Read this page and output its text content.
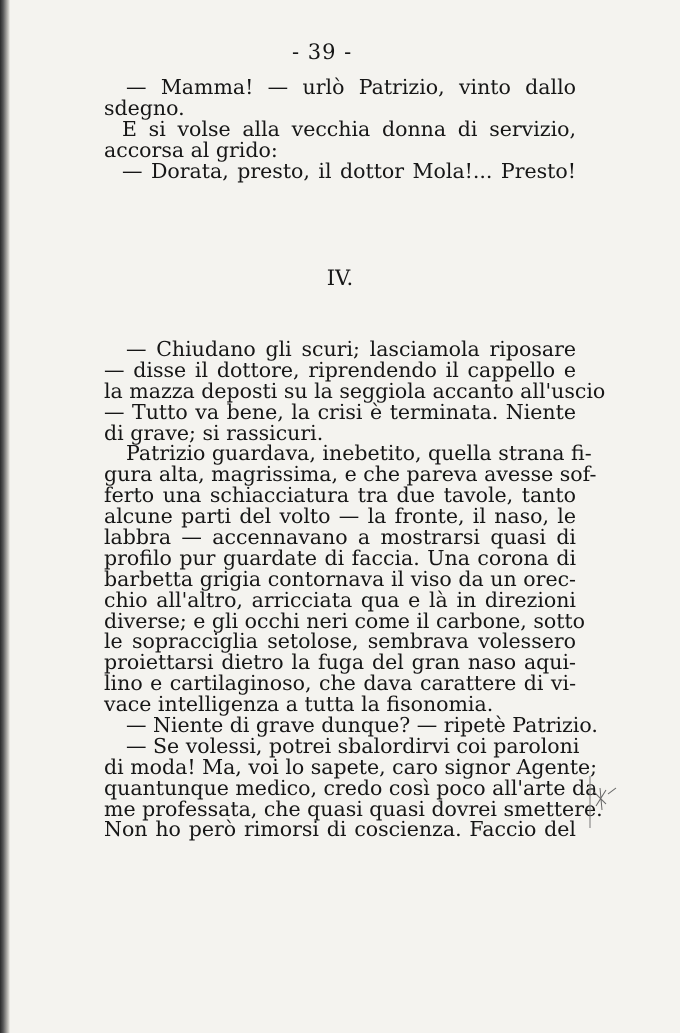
- 39 -
— Mamma! — urlò Patrizio, vinto dallo
sdegno.
E si volse alla vecchia donna di servizio,
accorsa al grido:
— Dorata, presto, il dottor Mola!... Presto!
IV.
— Chiudano gli scuri; lasciamola riposare
— disse il dottore, riprendendo il cappello e
la mazza deposti su la seggiola accanto all'uscio
— Tutto va bene, la crisi è terminata. Niente
di grave; si rassicuri.
Patrizio guardava, inebetito, quella strana fi-
gura alta, magrissima, e che pareva avesse sof-
ferto una schiacciatura tra due tavole, tanto
alcune parti del volto — la fronte, il naso, le
labbra — accennavano a mostrarsi quasi di
profilo pur guardate di faccia. Una corona di
barbetta grigia contornava il viso da un orec-
chio all'altro, arricciata qua e là in direzioni
diverse; e gli occhi neri come il carbone, sotto
le sopracciglia setolose, sembrava volessero
proiettarsi dietro la fuga del gran naso aqui-
lino e cartilaginoso, che dava carattere di vi-
vace intelligenza a tutta la fisonomia.
— Niente di grave dunque? — ripetè Patrizio.
— Se volessi, potrei sbalordirvi coi paroloni
di moda! Ma, voi lo sapete, caro signor Agente;
quantunque medico, credo così poco all'arte da
me professata, che quasi quasi dovrei smettere.
Non ho però rimorsi di coscienza. Faccio del
